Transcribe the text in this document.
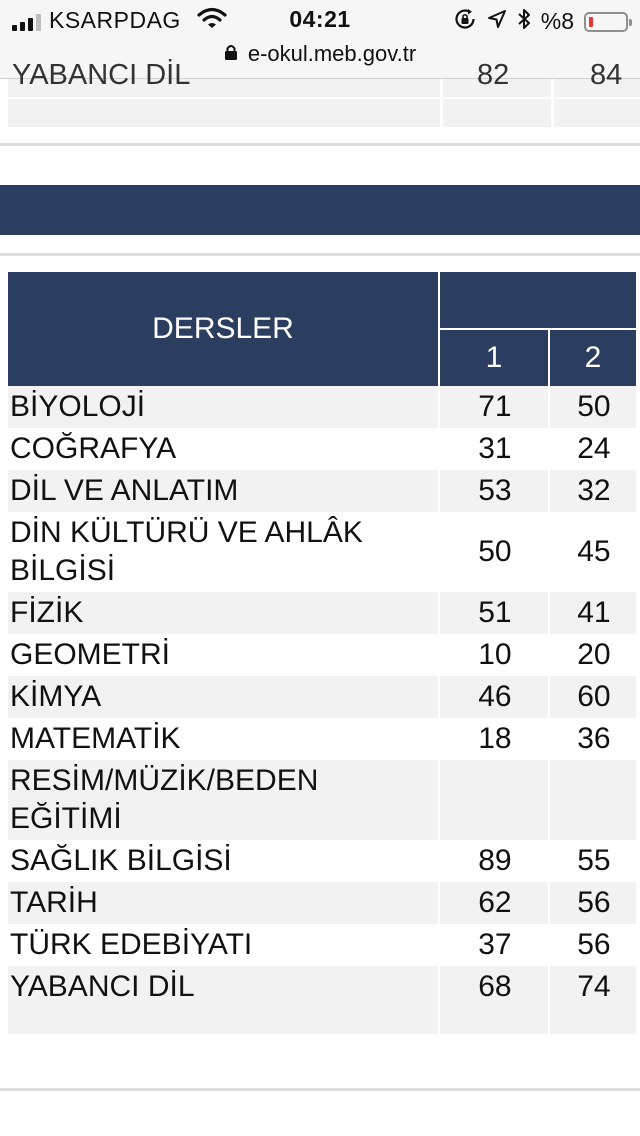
KSARPDAG	04:21	%8
e-okul.meb.gov.tr
YABANCI DİL	82	84
DERSLER		
	1	2
BİYOLOJİ	71	50
COĞRAFYA	31	24
DİL VE ANLATIM	53	32
DİN KÜLTÜRÜ VE AHLÂK BİLGİSİ	50	45
FİZİK	51	41
GEOMETRİ	10	20
KİMYA	46	60
MATEMATİK	18	36
RESİM/MÜZİK/BEDEN EĞİTİMİ		
SAĞLIK BİLGİSİ	89	55
TARİH	62	56
TÜRK EDEBİYATI	37	56
YABANCI DİL	68	74
